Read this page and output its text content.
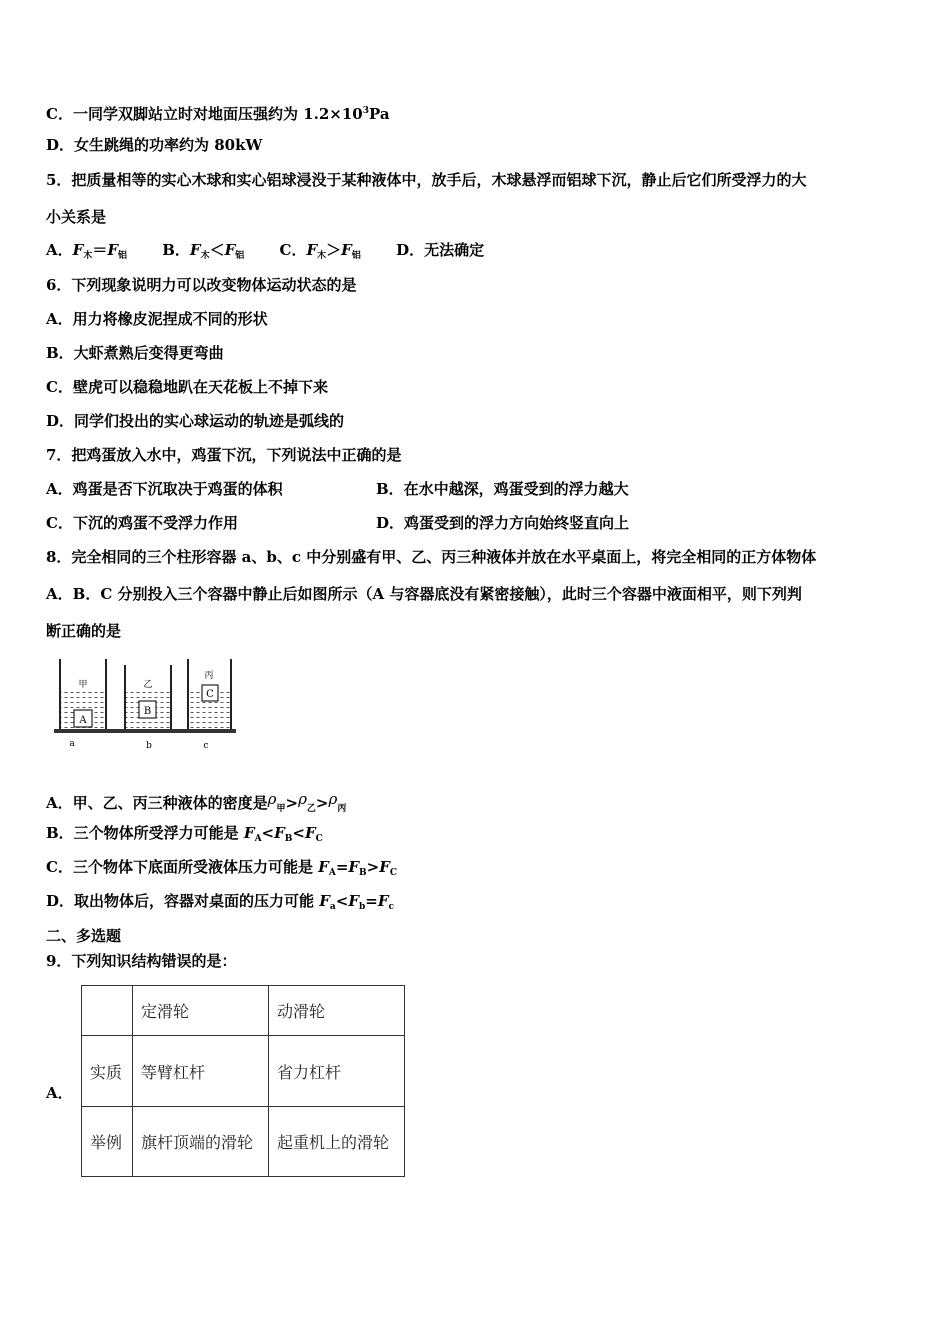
C．一同学双脚站立时对地面压强约为 $1.2\times 10^3Pa$
D．女生跳绳的功率约为 80kW
5．把质量相等的实心木球和实心铝球浸没于某种液体中，放手后，木球悬浮而铝球下沉，静止后它们所受浮力的大
小关系是
A．$F_木=F_铝$ B．$F_木<F_铝$ C．$F_木>F_铝$ D．无法确定
6．下列现象说明力可以改变物体运动状态的是
A．用力将橡皮泥捏成不同的形状
B．大虾煮熟后变得更弯曲
C．壁虎可以稳稳地趴在天花板上不掉下来
D．同学们投出的实心球运动的轨迹是弧线的
7．把鸡蛋放入水中，鸡蛋下沉，下列说法中正确的是
A．鸡蛋是否下沉取决于鸡蛋的体积	B．在水中越深，鸡蛋受到的浮力越大
C．下沉的鸡蛋不受浮力作用	D．鸡蛋受到的浮力方向始终竖直向上
8．完全相同的三个柱形容器 a、b、c 中分别盛有甲、乙、丙三种液体并放在水平桌面上，将完全相同的正方体物体
A．B．C 分别投入三个容器中静止后如图所示（A 与容器底没有紧密接触），此时三个容器中液面相平，则下列判
断正确的是
A
甲
B
乙
C
丙
a	b	c
A．甲、乙、丙三种液体的密度是$\rho_甲>\rho_乙>\rho_丙$
B．三个物体所受浮力可能是 $F_A<F_B<F_C$
C．三个物体下底面所受液体压力可能是 $F_A=F_B>F_C$
D．取出物体后，容器对桌面的压力可能 $F_a<F_b=F_c$
二、多选题
9．下列知识结构错误的是：
A．
	定滑轮	动滑轮
实质	等臂杠杆	省力杠杆
举例	旗杆顶端的滑轮	起重机上的滑轮
